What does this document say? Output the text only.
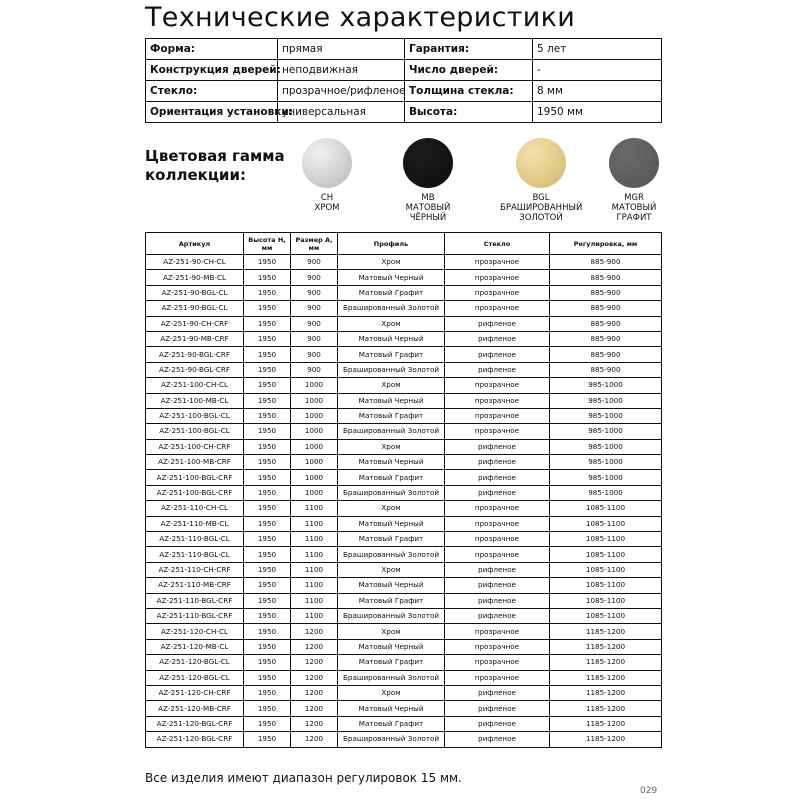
Технические характеристики
Форма:	прямая	Гарантия:	5 лет
Конструкция дверей:	неподвижная	Число дверей:	-
Стекло:	прозрачное/рифленое	Толщина стекла:	8 мм
Ориентация установки:	универсальная	Высота:	1950 мм
Цветовая гамма
коллекции:
CH
ХРОМ
MB
МАТОВЫЙ
ЧЁРНЫЙ
BGL
БРАШИРОВАННЫЙ
ЗОЛОТОЙ
MGR
МАТОВЫЙ
ГРАФИТ
Артикул	Высота Н, мм	Размер А, мм	Профиль	Стекло	Регулировка, мм
AZ-251-90-CH-CL	1950	900	Хром	прозрачное	885-900
AZ-251-90-MB-CL	1950	900	Матовый Черный	прозрачное	885-900
AZ-251-90-BGL-CL	1950	900	Матовый Графит	прозрачное	885-900
AZ-251-90-BGL-CL	1950	900	Брашированный Золотой	прозрачное	885-900
AZ-251-90-CH-CRF	1950	900	Хром	рифленое	885-900
AZ-251-90-MB-CRF	1950	900	Матовый Черный	рифленое	885-900
AZ-251-90-BGL-CRF	1950	900	Матовый Графит	рифленое	885-900
AZ-251-90-BGL-CRF	1950	900	Брашированный Золотой	рифленое	885-900
AZ-251-100-CH-CL	1950	1000	Хром	прозрачное	985-1000
AZ-251-100-MB-CL	1950	1000	Матовый Черный	прозрачное	985-1000
AZ-251-100-BGL-CL	1950	1000	Матовый Графит	прозрачное	985-1000
AZ-251-100-BGL-CL	1950	1000	Брашированный Золотой	прозрачное	985-1000
AZ-251-100-CH-CRF	1950	1000	Хром	рифленое	985-1000
AZ-251-100-MB-CRF	1950	1000	Матовый Черный	рифленое	985-1000
AZ-251-100-BGL-CRF	1950	1000	Матовый Графит	рифленое	985-1000
AZ-251-100-BGL-CRF	1950	1000	Брашированный Золотой	рифленое	985-1000
AZ-251-110-CH-CL	1950	1100	Хром	прозрачное	1085-1100
AZ-251-110-MB-CL	1950	1100	Матовый Черный	прозрачное	1085-1100
AZ-251-110-BGL-CL	1950	1100	Матовый Графит	прозрачное	1085-1100
AZ-251-110-BGL-CL	1950	1100	Брашированный Золотой	прозрачное	1085-1100
AZ-251-110-CH-CRF	1950	1100	Хром	рифленое	1085-1100
AZ-251-110-MB-CRF	1950	1100	Матовый Черный	рифленое	1085-1100
AZ-251-110-BGL-CRF	1950	1100	Матовый Графит	рифленое	1085-1100
AZ-251-110-BGL-CRF	1950	1100	Брашированный Золотой	рифленое	1085-1100
AZ-251-120-CH-CL	1950	1200	Хром	прозрачное	1185-1200
AZ-251-120-MB-CL	1950	1200	Матовый Черный	прозрачное	1185-1200
AZ-251-120-BGL-CL	1950	1200	Матовый Графит	прозрачное	1185-1200
AZ-251-120-BGL-CL	1950	1200	Брашированный Золотой	прозрачное	1185-1200
AZ-251-120-CH-CRF	1950	1200	Хром	рифленое	1185-1200
AZ-251-120-MB-CRF	1950	1200	Матовый Черный	рифленое	1185-1200
AZ-251-120-BGL-CRF	1950	1200	Матовый Графит	рифленое	1185-1200
AZ-251-120-BGL-CRF	1950	1200	Брашированный Золотой	рифленое	1185-1200
Все изделия имеют диапазон регулировок 15 мм.
029
